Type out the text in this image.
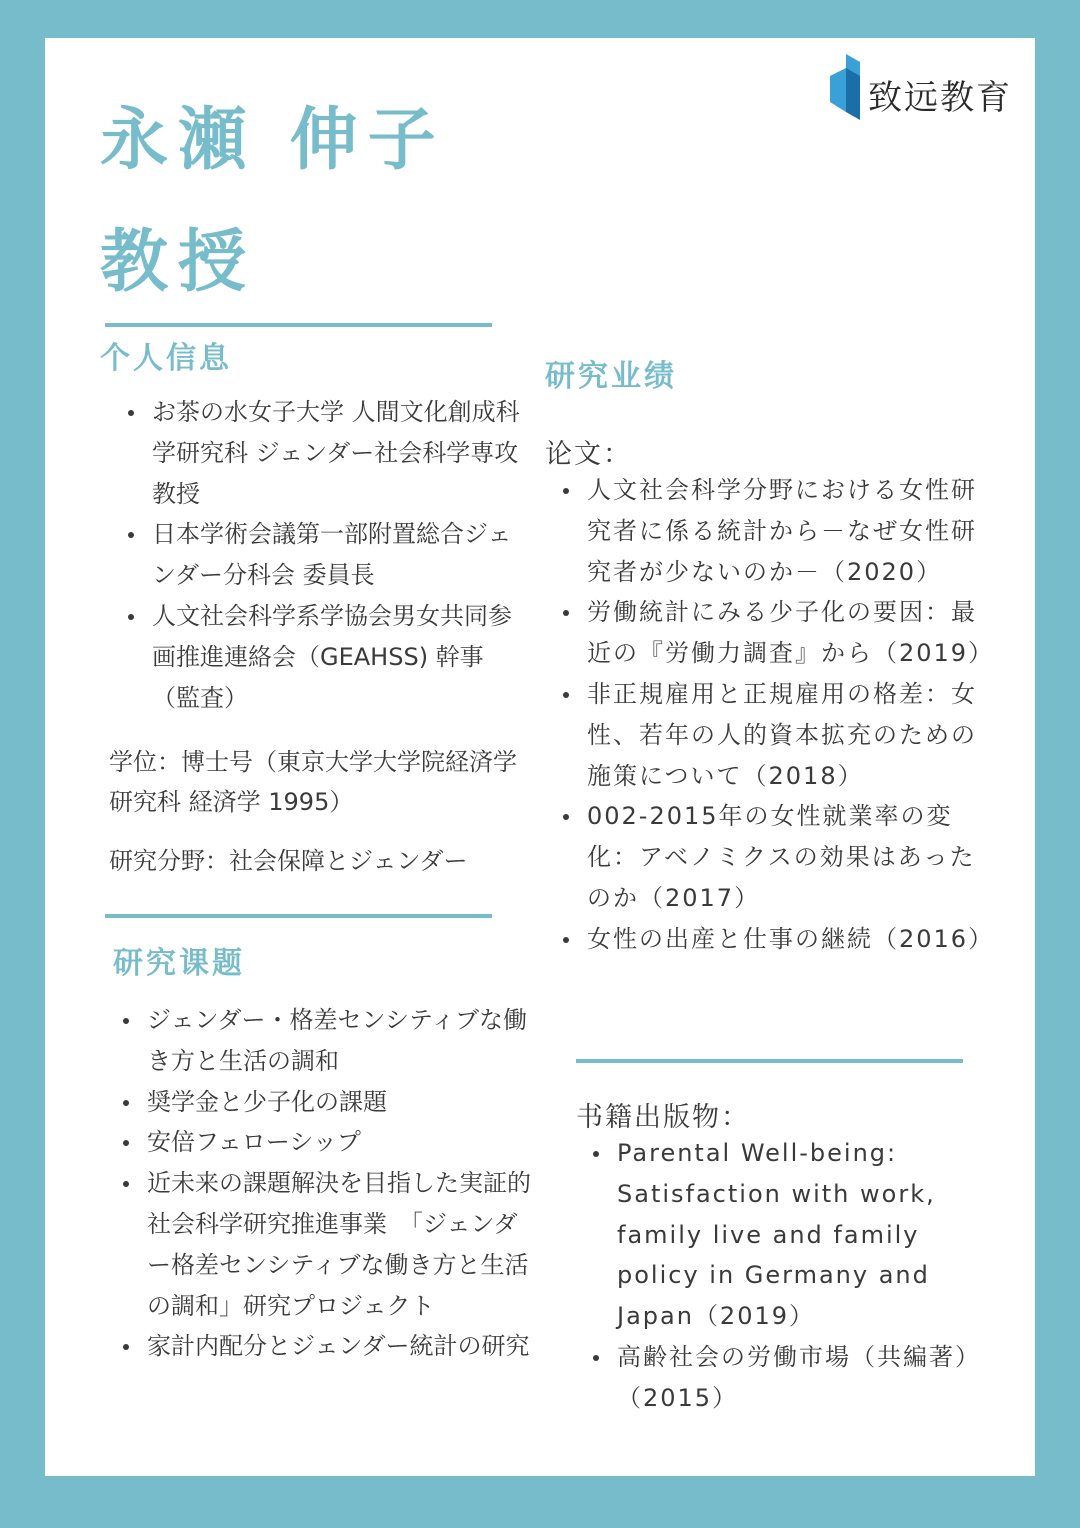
永瀬 伸子
教授
致远教育
个人信息
お茶の水女子大学 人間文化創成科学研究科 ジェンダー社会科学専攻 教授
日本学術会議第一部附置総合ジェンダー分科会 委員長
人文社会科学系学協会男女共同参画推進連絡会（GEAHSS) 幹事（監査）
学位：博士号（東京大学大学院経済学研究科 経済学 1995）
研究分野：社会保障とジェンダー
研究课题
ジェンダー・格差センシティブな働き方と生活の調和
奨学金と少子化の課題
安倍フェローシップ
近未来の課題解決を目指した実証的社会科学研究推進事業　「ジェンダー格差センシティブな働き方と生活の調和」研究プロジェクト
家計内配分とジェンダー統計の研究
研究业绩
论文：
人文社会科学分野における女性研究者に係る統計から－なぜ女性研究者が少ないのか－（2020）
労働統計にみる少子化の要因：最近の『労働力調査』から（2019）
非正規雇用と正規雇用の格差：女性、若年の人的資本拡充のための施策について（2018）
002-2015年の女性就業率の変化：アベノミクスの効果はあったのか（2017）
女性の出産と仕事の継続（2016）
书籍出版物：
Parental Well-being: Satisfaction with work, family live and family policy in Germany and Japan（2019）
高齢社会の労働市場（共編著）（2015）
